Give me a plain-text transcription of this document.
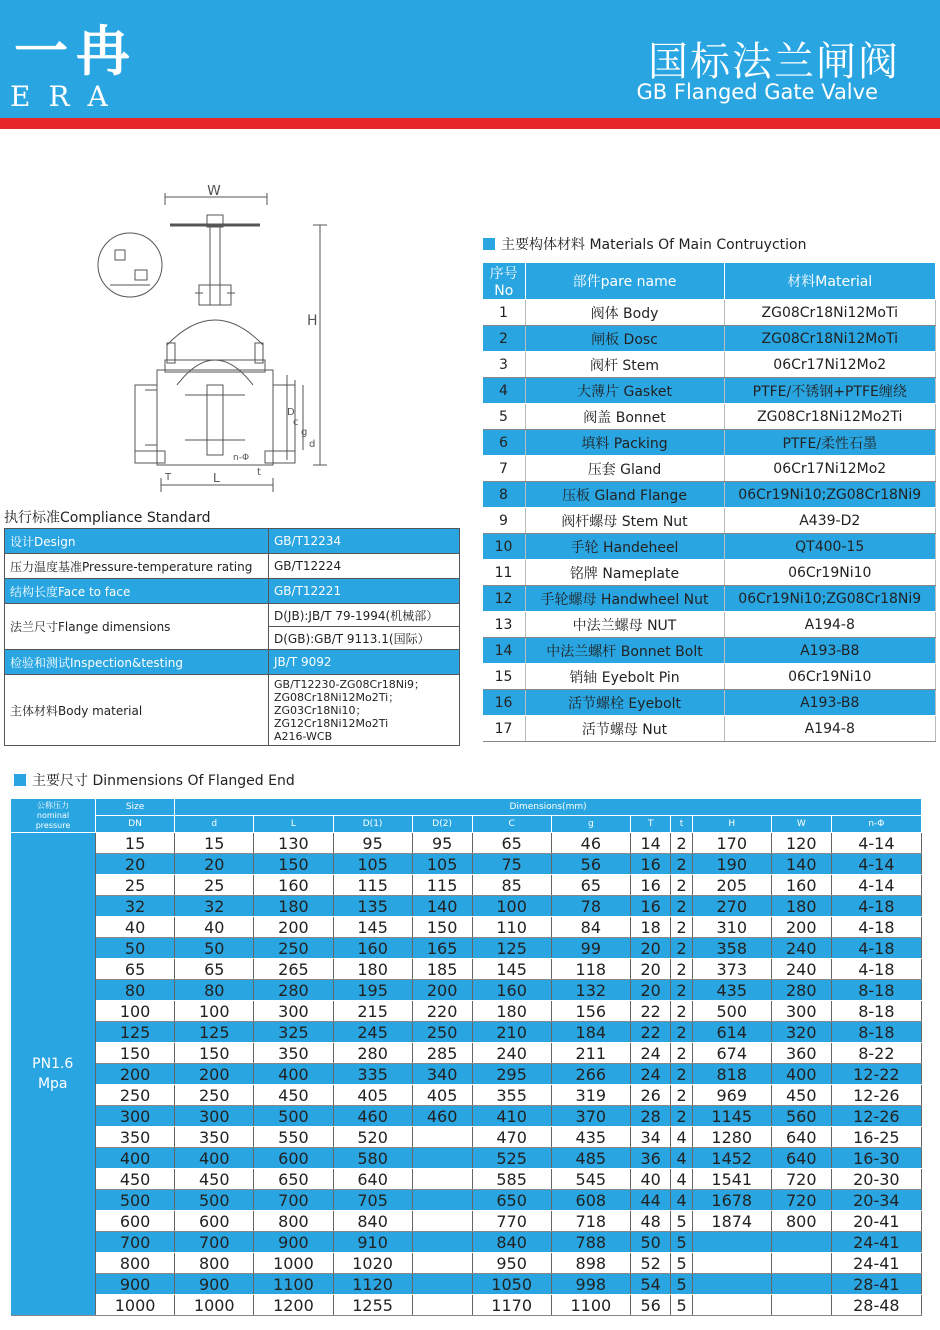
一冉
ERA
国标法兰闸阀
GB Flanged Gate Valve
W
H
D
c
g
d
n-Φ
t
T	L
主要构体材料 Materials Of Main Contruyction
序号 No	部件pare name	材料Material
1	阀体 Body	ZG08Cr18Ni12MoTi
2	闸板 Dosc	ZG08Cr18Ni12MoTi
3	阀杆 Stem	06Cr17Ni12Mo2
4	大薄片 Gasket	PTFE/不锈钢+PTFE缠绕
5	阀盖 Bonnet	ZG08Cr18Ni12Mo2Ti
6	填料 Packing	PTFE/柔性石墨
7	压套 Gland	06Cr17Ni12Mo2
8	压板 Gland Flange	06Cr19Ni10;ZG08Cr18Ni9
9	阀杆螺母 Stem Nut	A439-D2
10	手轮 Handeheel	QT400-15
11	铭牌 Nameplate	06Cr19Ni10
12	手轮螺母 Handwheel Nut	06Cr19Ni10;ZG08Cr18Ni9
13	中法兰螺母 NUT	A194-8
14	中法兰螺杆 Bonnet Bolt	A193-B8
15	销轴 Eyebolt Pin	06Cr19Ni10
16	活节螺栓 Eyebolt	A193-B8
17	活节螺母 Nut	A194-8
执行标准Compliance Standard
设计Design	GB/T12234

压力温度基准Pressure-temperature rating	GB/T12224

结构长度Face to face	GB/T12221

法兰尺寸Flange dimensions	D(JB):JB/T 79-1994(机械部）
	D(GB):GB/T 9113.1(国际）
检验和测试Inspection&testing	JB/T 9092

主体材料Body material	GB/T12230-ZG08Cr18Ni9；
ZG08Cr18Ni12Mo2Ti；
ZG03Cr18Ni10；
ZG12Cr18Ni12Mo2Ti
A216-WCB
主要尺寸 Dinmensions Of Flanged End
公称压力
nominal
pressure	Size	Dimensions(mm)										
	DN	d	L	D(1)	D(2)	C	g	T	t	H	W	n-Φ

PN1.6
Mpa	15	15	130	95	95	65	46	14	2	170	120	4-14
	20	20	150	105	105	75	56	16	2	190	140	4-14
	25	25	160	115	115	85	65	16	2	205	160	4-14
	32	32	180	135	140	100	78	16	2	270	180	4-18
	40	40	200	145	150	110	84	18	2	310	200	4-18
	50	50	250	160	165	125	99	20	2	358	240	4-18
	65	65	265	180	185	145	118	20	2	373	240	4-18
	80	80	280	195	200	160	132	20	2	435	280	8-18
	100	100	300	215	220	180	156	22	2	500	300	8-18
	125	125	325	245	250	210	184	22	2	614	320	8-18
	150	150	350	280	285	240	211	24	2	674	360	8-22
	200	200	400	335	340	295	266	24	2	818	400	12-22
	250	250	450	405	405	355	319	26	2	969	450	12-26
	300	300	500	460	460	410	370	28	2	1145	560	12-26
	350	350	550	520		470	435	34	4	1280	640	16-25
	400	400	600	580		525	485	36	4	1452	640	16-30
	450	450	650	640		585	545	40	4	1541	720	20-30
	500	500	700	705		650	608	44	4	1678	720	20-34
	600	600	800	840		770	718	48	5	1874	800	20-41
	700	700	900	910		840	788	50	5			24-41
	800	800	1000	1020		950	898	52	5			24-41
	900	900	1100	1120		1050	998	54	5			28-41
	1000	1000	1200	1255		1170	1100	56	5			28-48
